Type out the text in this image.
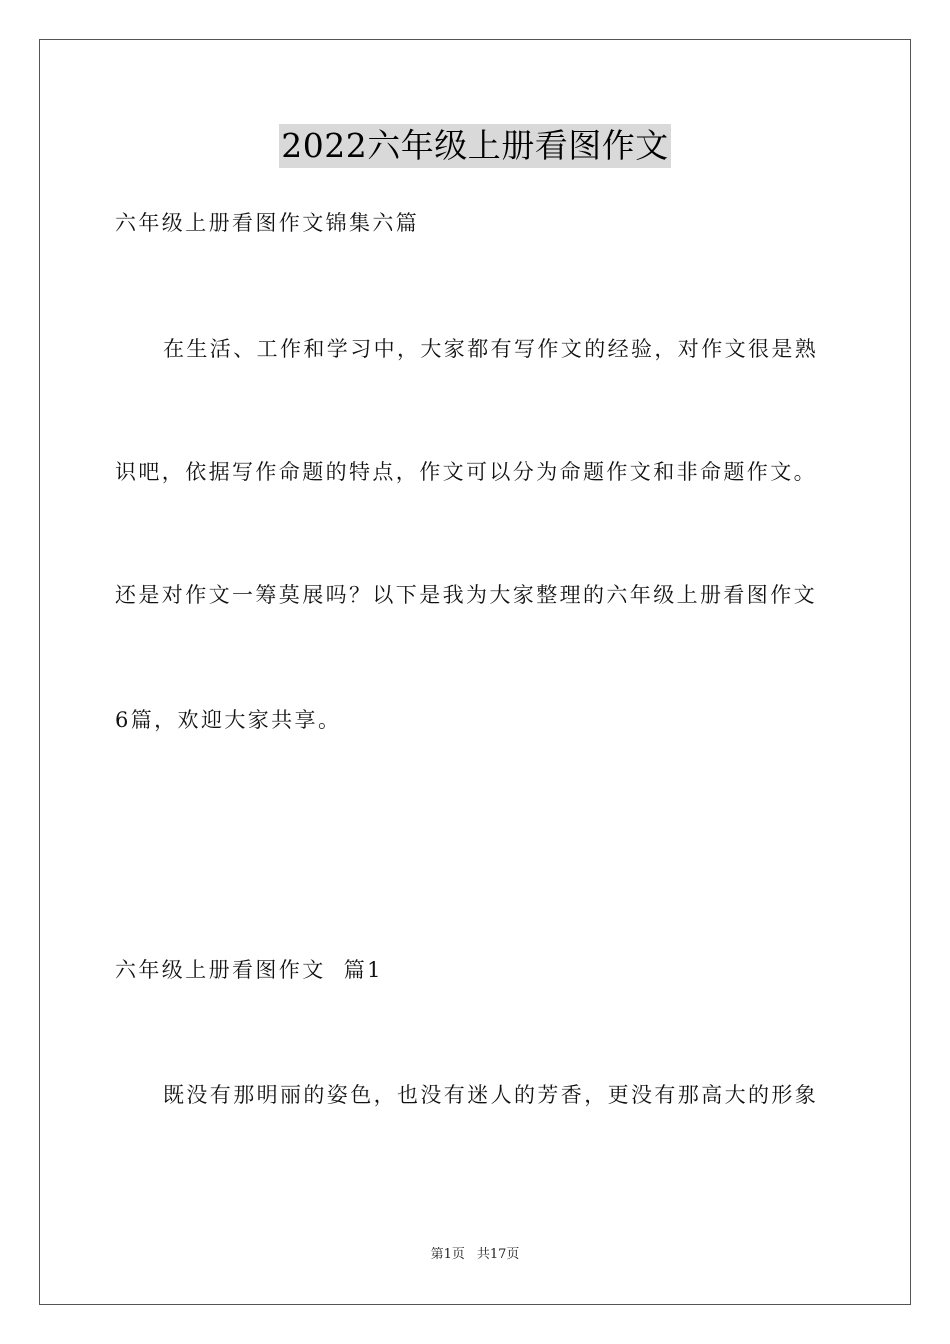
2022六年级上册看图作文
六年级上册看图作文锦集六篇
在生活、工作和学习中，大家都有写作文的经验，对作文很是熟
识吧，依据写作命题的特点，作文可以分为命题作文和非命题作文。
还是对作文一筹莫展吗？以下是我为大家整理的六年级上册看图作文
6篇，欢迎大家共享。
六年级上册看图作文  篇1
既没有那明丽的姿色，也没有迷人的芳香，更没有那高大的形象
第1页 共17页
